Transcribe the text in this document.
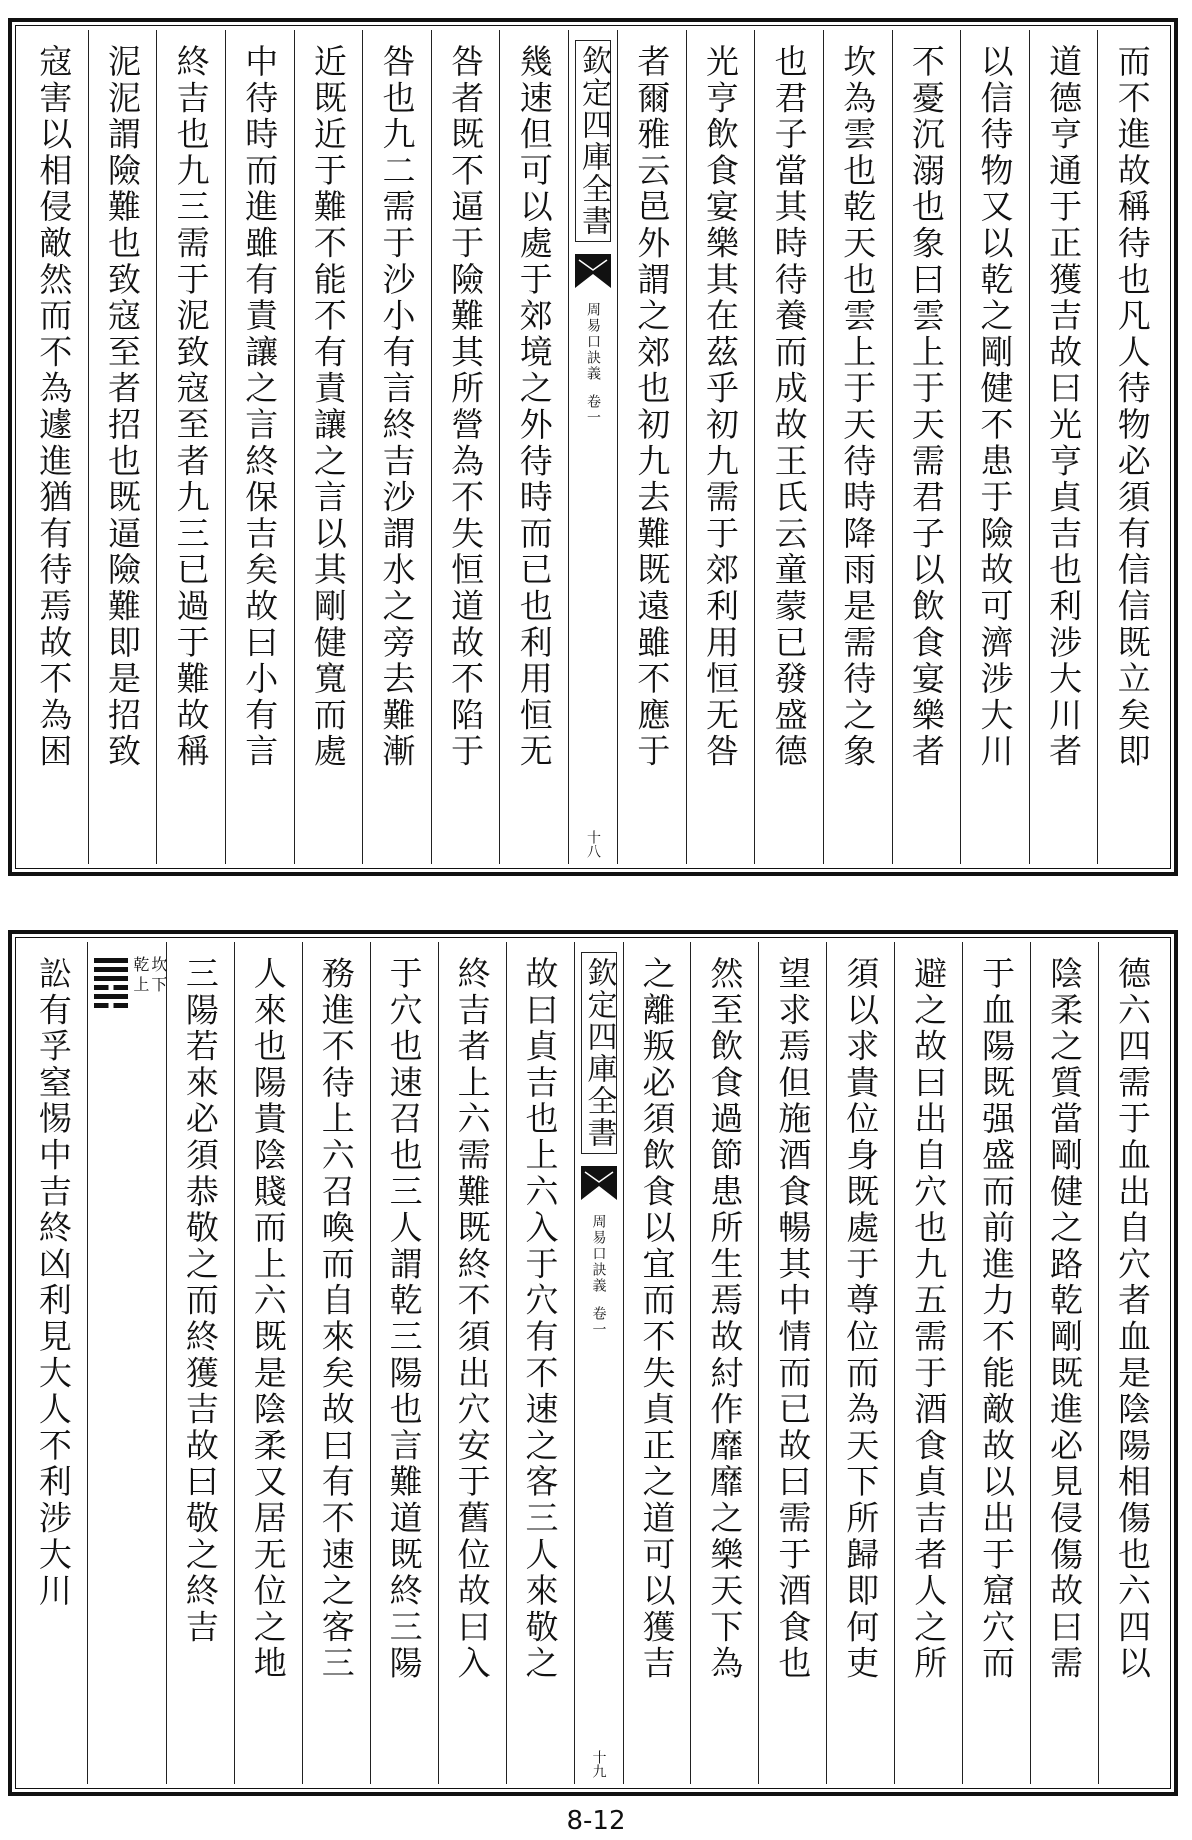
而不進故稱待也凡人待物必須有信信既立矣即
道德亨通于正獲吉故曰光亨貞吉也利涉大川者
以信待物又以乾之剛健不患于險故可濟涉大川
不憂沉溺也象曰雲上于天需君子以飲食宴樂者
坎為雲也乾天也雲上于天待時降雨是需待之象
也君子當其時待養而成故王氏云童蒙已發盛德
光亨飲食宴樂其在茲乎初九需于郊利用恒无咎
者爾雅云邑外謂之郊也初九去難既遠雖不應于
欽定四庫全書
周易口訣義
卷一
十八
幾速但可以處于郊境之外待時而已也利用恒无
咎者既不逼于險難其所營為不失恒道故不陷于
咎也九二需于沙小有言終吉沙謂水之旁去難漸
近既近于難不能不有責讓之言以其剛健寬而處
中待時而進雖有責讓之言終保吉矣故曰小有言
終吉也九三需于泥致寇至者九三已過于難故稱
泥泥謂險難也致寇至者招也既逼險難即是招致
寇害以相侵敵然而不為遽進猶有待焉故不為困
德六四需于血出自穴者血是陰陽相傷也六四以
陰柔之質當剛健之路乾剛既進必見侵傷故曰需
于血陽既强盛而前進力不能敵故以出于窟穴而
避之故曰出自穴也九五需于酒食貞吉者人之所
須以求貴位身既處于尊位而為天下所歸即何吏
望求焉但施酒食暢其中情而已故曰需于酒食也
然至飲食過節患所生焉故紂作靡靡之樂天下為
之離叛必須飲食以宜而不失貞正之道可以獲吉
欽定四庫全書
周易口訣義
卷一
十九
故曰貞吉也上六入于穴有不速之客三人來敬之
終吉者上六需難既終不須出穴安于舊位故曰入
于穴也速召也三人謂乾三陽也言難道既終三陽
務進不待上六召喚而自來矣故曰有不速之客三
人來也陽貴陰賤而上六既是陰柔又居无位之地
三陽若來必須恭敬之而終獲吉故曰敬之終吉
坎下
乾上
訟有孚窒惕中吉終凶利見大人不利涉大川
8-12
